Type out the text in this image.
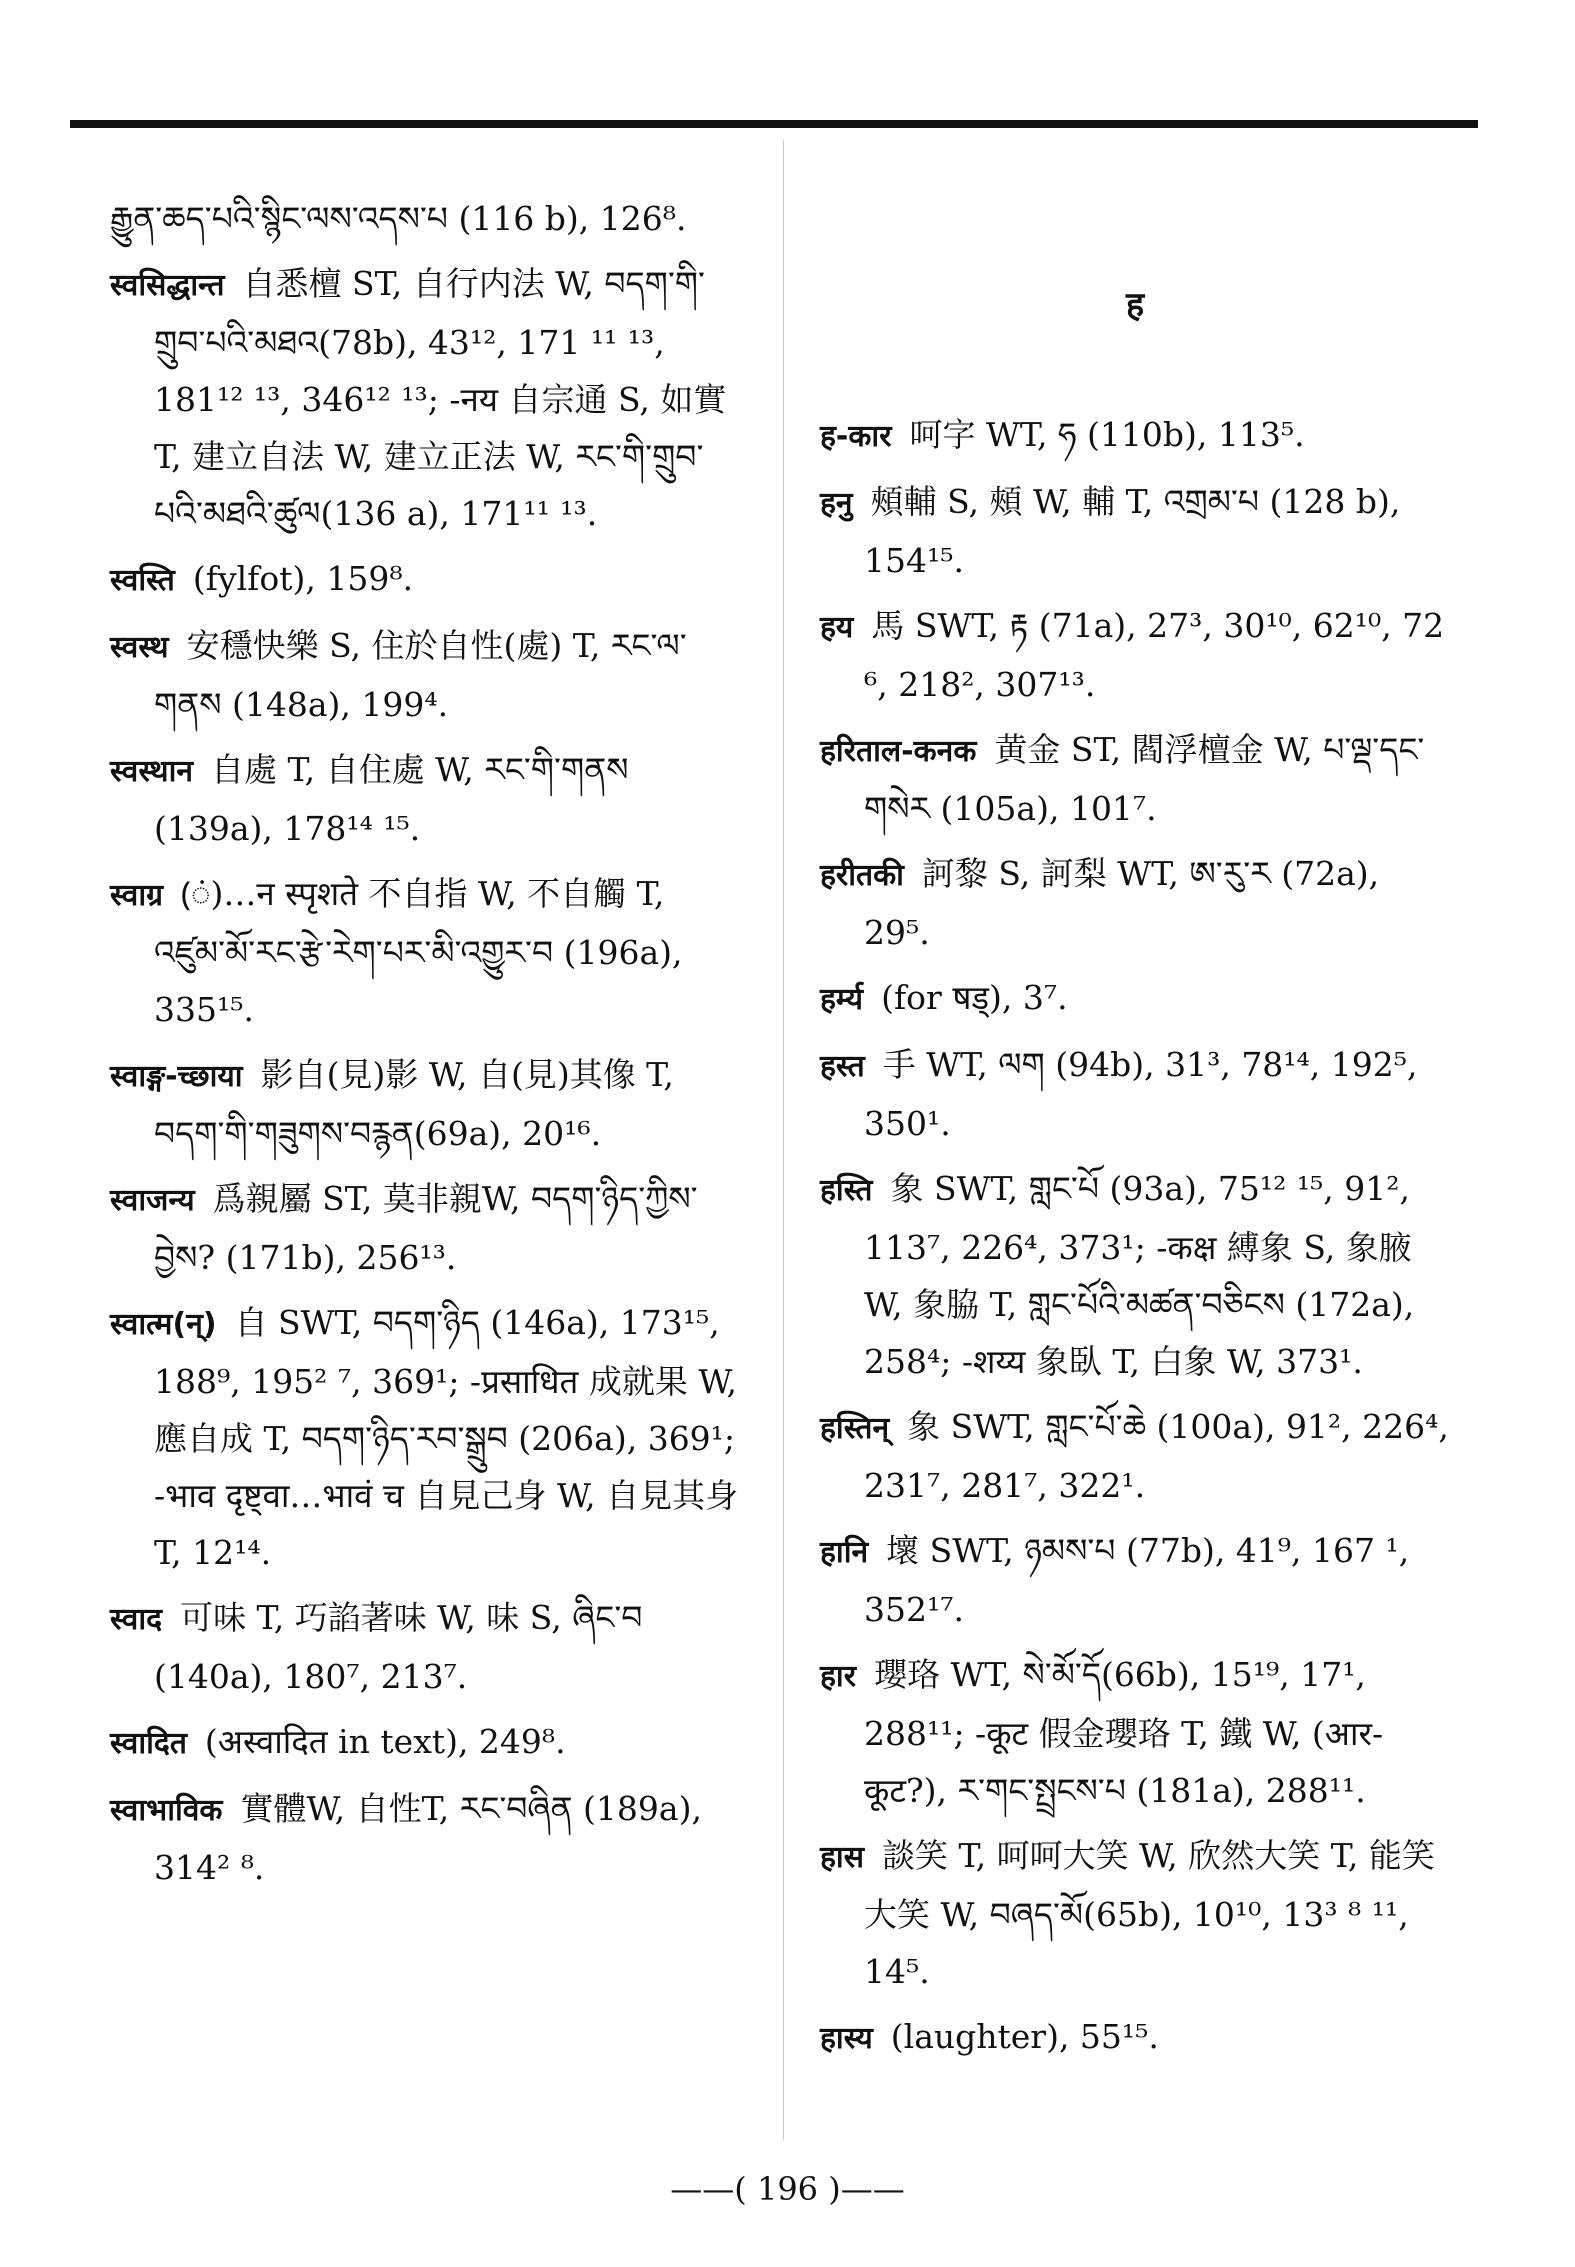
རྒྱུན་ཆད་པའི་སྙིང་ལས་འདས་པ (116 b), 126⁸.
स्वसिद्धान्त 自悉檀 ST, 自行内法 W, བདག་གི་གྲུབ་པའི་མཐའ(78b), 43¹², 171 ¹¹ ¹³, 181¹² ¹³, 346¹² ¹³; -नय 自宗通 S, 如實 T, 建立自法 W, 建立正法 W, རང་གི་གྲུབ་པའི་མཐའི་ཚུལ(136 a), 171¹¹ ¹³.
स्वस्ति (fylfot), 159⁸.
स्वस्थ 安穩快樂 S, 住於自性(處) T, རང་ལ་གནས (148a), 199⁴.
स्वस्थान 自處 T, 自住處 W, རང་གི་གནས (139a), 178¹⁴ ¹⁵.
स्वाग्र (ं)…न स्पृशते 不自指 W, 不自觸 T, འཛུམ་མོ་རང་རྩེ་རེག་པར་མི་འགྱུར་བ (196a), 335¹⁵.
स्वाङ्ग-च्छाया 影自(見)影 W, 自(見)其像 T, བདག་གི་གཟུགས་བརྙན(69a), 20¹⁶.
स्वाजन्य 爲親屬 ST, 莫非親W, བདག་ཉིད་ཀྱིས་བྱེས? (171b), 256¹³.
स्वात्म(न्) 自 SWT, བདག་ཉིད (146a), 173¹⁵, 188⁹, 195² ⁷, 369¹; -प्रसाधित 成就果 W, 應自成 T, བདག་ཉིད་རབ་སྒྲུབ (206a), 369¹; -भाव दृष्ट्वा…भावं च 自見己身 W, 自見其身 T, 12¹⁴.
स्वाद 可味 T, 巧諂著味 W, 味 S, ཞིང་བ (140a), 180⁷, 213⁷.
स्वादित (अस्वादित in text), 249⁸.
स्वाभाविक 實體W, 自性T, རང་བཞིན (189a), 314² ⁸.
ह
ह-कार 呵字 WT, ཧ (110b), 113⁵.
हनु 頰輔 S, 頰 W, 輔 T, འགྲམ་པ (128 b), 154¹⁵.
हय 馬 SWT, རྟ (71a), 27³, 30¹⁰, 62¹⁰, 72 ⁶, 218², 307¹³.
हरिताल-कनक 黄金 ST, 閻浮檀金 W, པ་ལྡ་དང་གསེར (105a), 101⁷.
हरीतकी 訶黎 S, 訶梨 WT, ཨ་རུ་ར (72a), 29⁵.
हर्म्य (for षड्), 3⁷.
हस्त 手 WT, ལག (94b), 31³, 78¹⁴, 192⁵, 350¹.
हस्ति 象 SWT, གླང་པོ (93a), 75¹² ¹⁵, 91², 113⁷, 226⁴, 373¹; -कक्ष 縛象 S, 象腋 W, 象脇 T, གླང་པོའི་མཚན་བཅིངས (172a), 258⁴; -शय्य 象臥 T, 白象 W, 373¹.
हस्तिन् 象 SWT, གླང་པོ་ཆེ (100a), 91², 226⁴, 231⁷, 281⁷, 322¹.
हानि 壞 SWT, ཉམས་པ (77b), 41⁹, 167 ¹, 352¹⁷.
हार 瓔珞 WT, སེ་མོ་དོ(66b), 15¹⁹, 17¹, 288¹¹; -कूट 假金瓔珞 T, 鐵 W, (आर-कूट?), ར་གང་སྤྲངས་པ (181a), 288¹¹.
हास 談笑 T, 呵呵大笑 W, 欣然大笑 T, 能笑大笑 W, བཞད་མོ(65b), 10¹⁰, 13³ ⁸ ¹¹, 14⁵.
हास्य (laughter), 55¹⁵.
——( 196 )——
